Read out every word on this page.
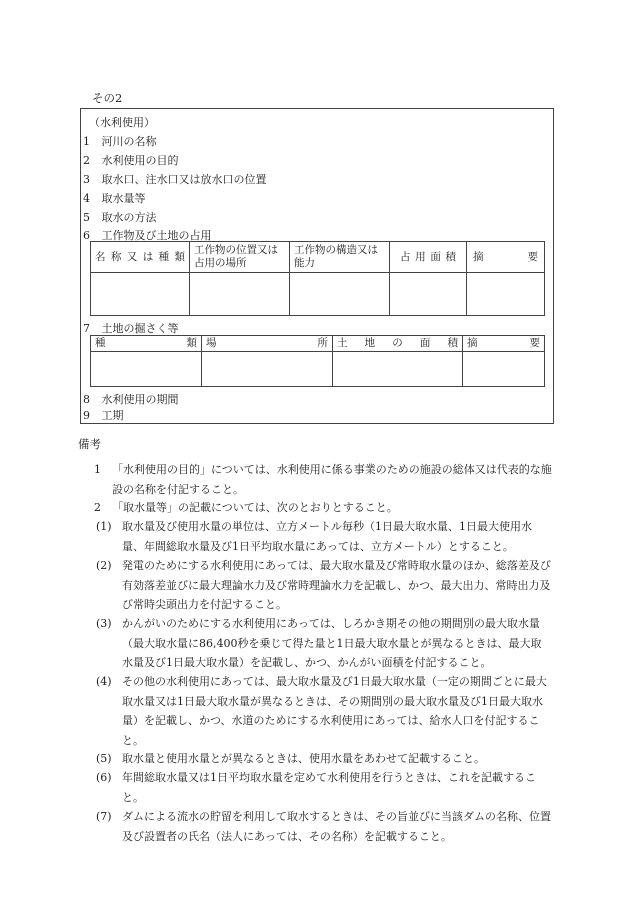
その2
（水利使用）
1 河川の名称
2 水利使用の目的
3 取水口、注水口又は放水口の位置
4 取水量等
5 取水の方法
6 工作物及び土地の占用
名称又は種類	工作物の位置又は占用の場所	工作物の構造又は能力	占用面積	摘要

7 土地の掘さく等
種類	場所	土地の面積	摘要

8 水利使用の期間
9 工期
備考
1	「水利使用の目的」については、水利使用に係る事業のための施設の総体又は代表的な施設の名称を付記すること。
2	「取水量等」の記載については、次のとおりとすること。
(1) 取水量及び使用水量の単位は、立方メートル毎秒（1日最大取水量、1日最大使用水量、年間総取水量及び1日平均取水量にあっては、立方メートル）とすること。
(2) 発電のためにする水利使用にあっては、最大取水量及び常時取水量のほか、総落差及び有効落差並びに最大理論水力及び常時理論水力を記載し、かつ、最大出力、常時出力及び常時尖頭出力を付記すること。
(3) かんがいのためにする水利使用にあっては、しろかき期その他の期間別の最大取水量（最大取水量に86,400秒を乗じて得た量と1日最大取水量とが異なるときは、最大取水量及び1日最大取水量）を記載し、かつ、かんがい面積を付記すること。
(4) その他の水利使用にあっては、最大取水量及び1日最大取水量（一定の期間ごとに最大取水量又は1日最大取水量が異なるときは、その期間別の最大取水量及び1日最大取水量）を記載し、かつ、水道のためにする水利使用にあっては、給水人口を付記すること。
(5) 取水量と使用水量とが異なるときは、使用水量をあわせて記載すること。
(6) 年間総取水量又は1日平均取水量を定めて水利使用を行うときは、これを記載すること。
(7) ダムによる流水の貯留を利用して取水するときは、その旨並びに当該ダムの名称、位置及び設置者の氏名（法人にあっては、その名称）を記載すること。
